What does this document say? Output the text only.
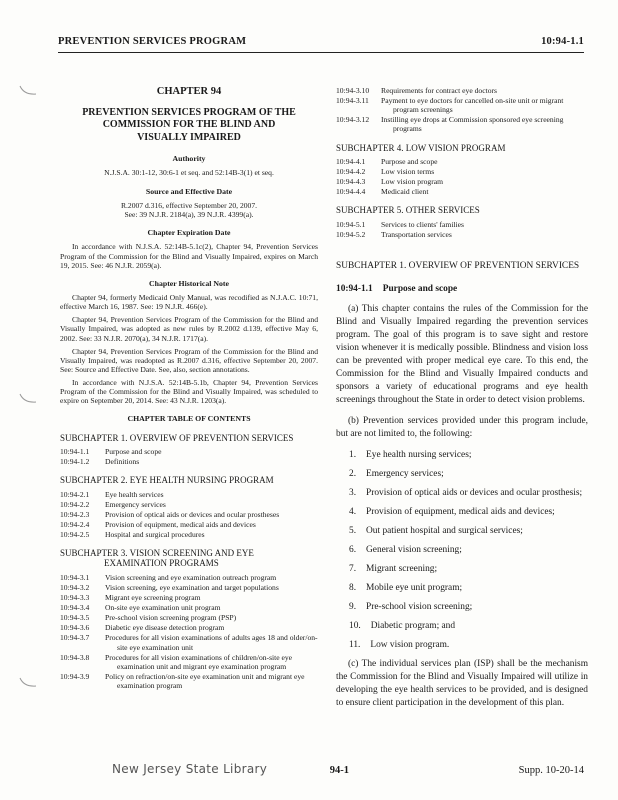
PREVENTION SERVICES PROGRAM	10:94-1.1
CHAPTER 94
PREVENTION SERVICES PROGRAM OF THE COMMISSION FOR THE BLIND AND VISUALLY IMPAIRED
Authority
N.J.S.A. 30:1-12, 30:6-1 et seq. and 52:14B-3(1) et seq.
Source and Effective Date
R.2007 d.316, effective September 20, 2007.
See: 39 N.J.R. 2184(a), 39 N.J.R. 4399(a).
Chapter Expiration Date

In accordance with N.J.S.A. 52:14B-5.1c(2), Chapter 94, Prevention Services Program of the Commission for the Blind and Visually Impaired, expires on March 19, 2015. See: 46 N.J.R. 2059(a).

Chapter Historical Note

Chapter 94, formerly Medicaid Only Manual, was recodified as N.J.A.C. 10:71, effective March 16, 1987. See: 19 N.J.R. 466(e).

Chapter 94, Prevention Services Program of the Commission for the Blind and Visually Impaired, was adopted as new rules by R.2002 d.139, effective May 6, 2002. See: 33 N.J.R. 2070(a), 34 N.J.R. 1717(a).

Chapter 94, Prevention Services Program of the Commission for the Blind and Visually Impaired, was readopted as R.2007 d.316, effective September 20, 2007. See: Source and Effective Date. See, also, section annotations.

In accordance with N.J.S.A. 52:14B-5.1b, Chapter 94, Prevention Services Program of the Commission for the Blind and Visually Impaired, was scheduled to expire on September 20, 2014. See: 43 N.J.R. 1203(a).

CHAPTER TABLE OF CONTENTS
SUBCHAPTER 1. OVERVIEW OF PREVENTION SERVICES
10:94-1.1	Purpose and scope
10:94-1.2	Definitions
SUBCHAPTER 2. EYE HEALTH NURSING PROGRAM
10:94-2.1	Eye health services
10:94-2.2	Emergency services
10:94-2.3	Provision of optical aids or devices and ocular prostheses
10:94-2.4	Provision of equipment, medical aids and devices
10:94-2.5	Hospital and surgical procedures
SUBCHAPTER 3. VISION SCREENING AND EYE EXAMINATION PROGRAMS
10:94-3.1	Vision screening and eye examination outreach program
10:94-3.2	Vision screening, eye examination and target populations
10:94-3.3	Migrant eye screening program
10:94-3.4	On-site eye examination unit program
10:94-3.5	Pre-school vision screening program (PSP)
10:94-3.6	Diabetic eye disease detection program
10:94-3.7	Procedures for all vision examinations of adults ages 18 and older/on-site eye examination unit
10:94-3.8	Procedures for all vision examinations of children/on-site eye examination unit and migrant eye examination program
10:94-3.9	Policy on refraction/on-site eye examination unit and migrant eye examination program
10:94-3.10	Requirements for contract eye doctors
10:94-3.11	Payment to eye doctors for cancelled on-site unit or migrant program screenings
10:94-3.12	Instilling eye drops at Commission sponsored eye screening programs
SUBCHAPTER 4. LOW VISION PROGRAM
10:94-4.1	Purpose and scope
10:94-4.2	Low vision terms
10:94-4.3	Low vision program
10:94-4.4	Medicaid client
SUBCHAPTER 5. OTHER SERVICES
10:94-5.1	Services to clients' families
10:94-5.2	Transportation services
SUBCHAPTER 1. OVERVIEW OF PREVENTION SERVICES
10:94-1.1 Purpose and scope

(a) This chapter contains the rules of the Commission for the Blind and Visually Impaired regarding the prevention services program. The goal of this program is to save sight and restore vision whenever it is medically possible. Blindness and vision loss can be prevented with proper medical eye care. To this end, the Commission for the Blind and Visually Impaired conducts and sponsors a variety of educational programs and eye health screenings throughout the State in order to detect vision problems.

(b) Prevention services provided under this program include, but are not limited to, the following:

1. Eye health nursing services;
2. Emergency services;
3. Provision of optical aids or devices and ocular prosthesis;
4. Provision of equipment, medical aids and devices;
5. Out patient hospital and surgical services;
6. General vision screening;
7. Migrant screening;
8. Mobile eye unit program;
9. Pre-school vision screening;
10. Diabetic program; and
11. Low vision program.

(c) The individual services plan (ISP) shall be the mechanism the Commission for the Blind and Visually Impaired will utilize in developing the eye health services to be provided, and is designed to ensure client participation in the development of this plan.

New Jersey State Library	94-1	Supp. 10-20-14
